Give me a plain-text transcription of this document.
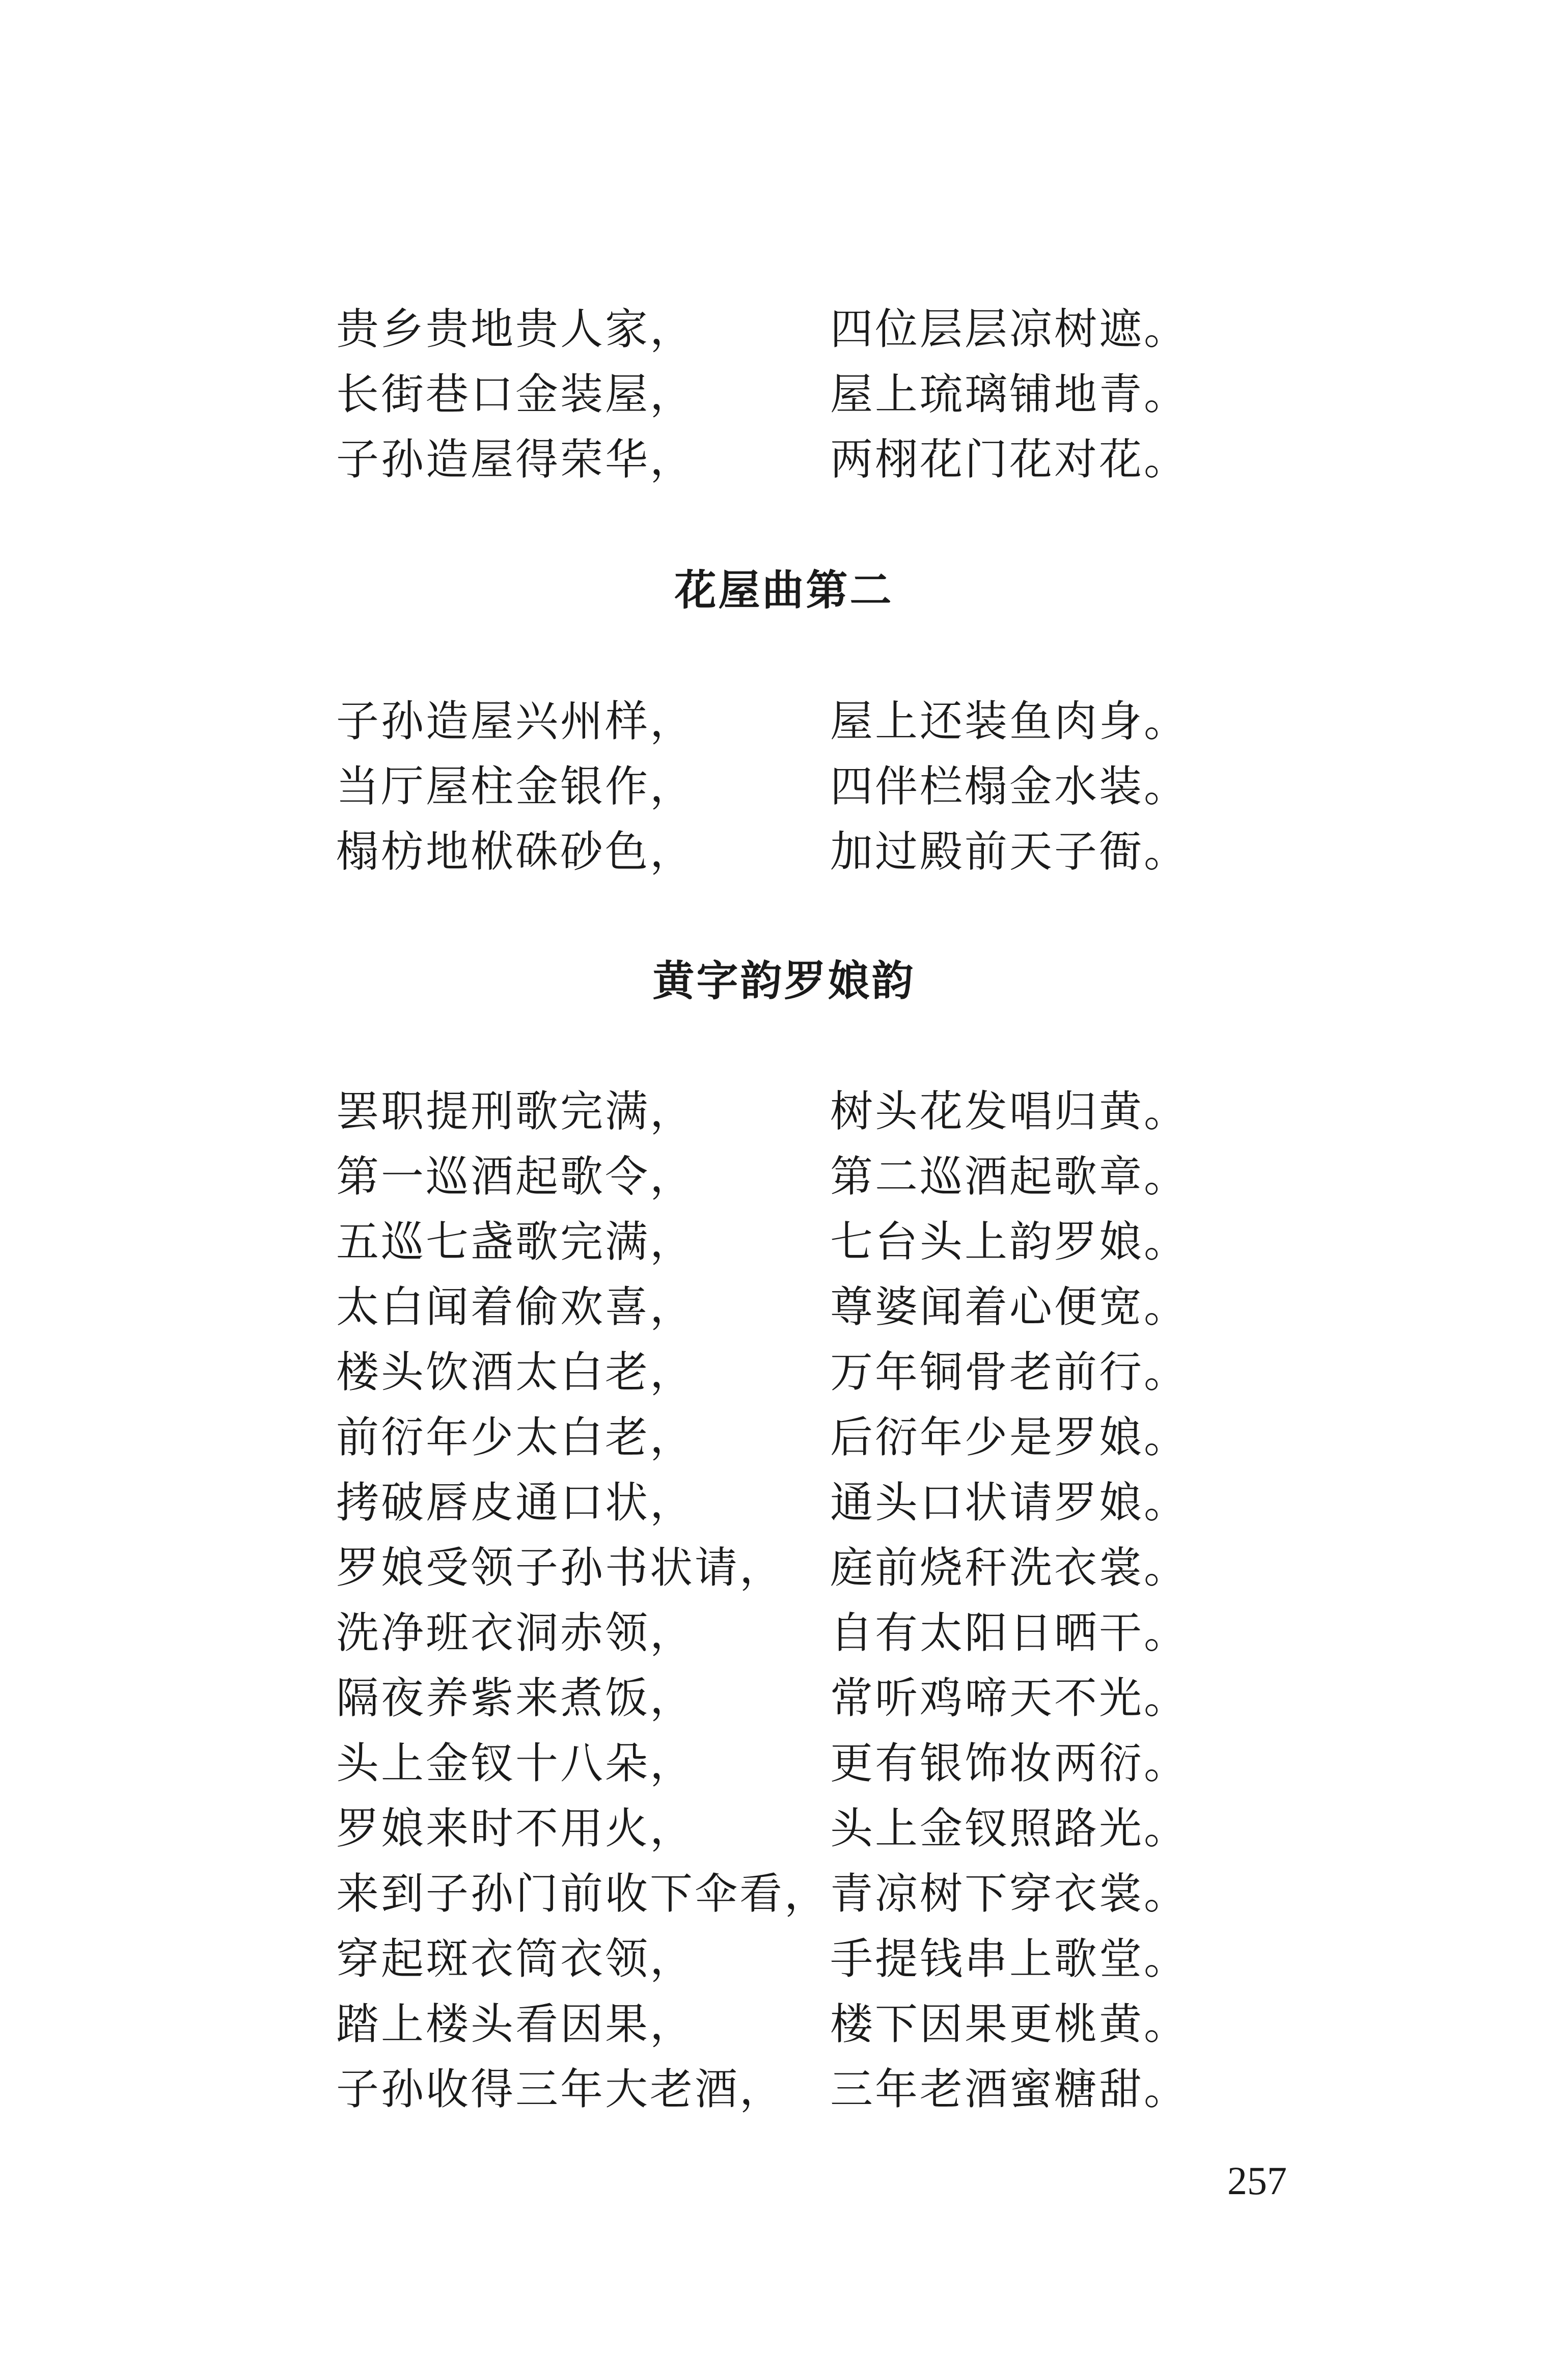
贵乡贵地贵人家，	四位层层凉树遮。
长街巷口金装屋，	屋上琉璃铺地青。
子孙造屋得荣华，	两栩花门花对花。
花屋曲第二
子孙造屋兴州样，	屋上还装鱼肉身。
当厅屋柱金银作，	四伴栏榻金水装。
榻枋地栿硃砂色，	加过殿前天子衙。
黄字韵罗娘韵
罢职提刑歌完满，	树头花发唱归黄。
第一巡酒起歌令，	第二巡酒起歌章。
五巡七盏歌完满，	七台头上韵罗娘。
太白闻着偷欢喜，	尊婆闻着心便宽。
楼头饮酒太白老，	万年铜骨老前行。
前衍年少太白老，	后衍年少是罗娘。
拷破唇皮通口状，	通头口状请罗娘。
罗娘受领子孙书状请， 庭前烧秆洗衣裳。
洗净班衣洞赤领，	自有太阳日晒干。
隔夜养紫来煮饭，	常听鸡啼天不光。
头上金钗十八朵，	更有银饰妆两衍。
罗娘来时不用火，	头上金钗照路光。
来到子孙门前收下伞看， 青凉树下穿衣裳。
穿起斑衣筒衣领，	手提钱串上歌堂。
踏上楼头看因果，	楼下因果更桃黄。
子孙收得三年大老酒， 三年老酒蜜糖甜。
257
